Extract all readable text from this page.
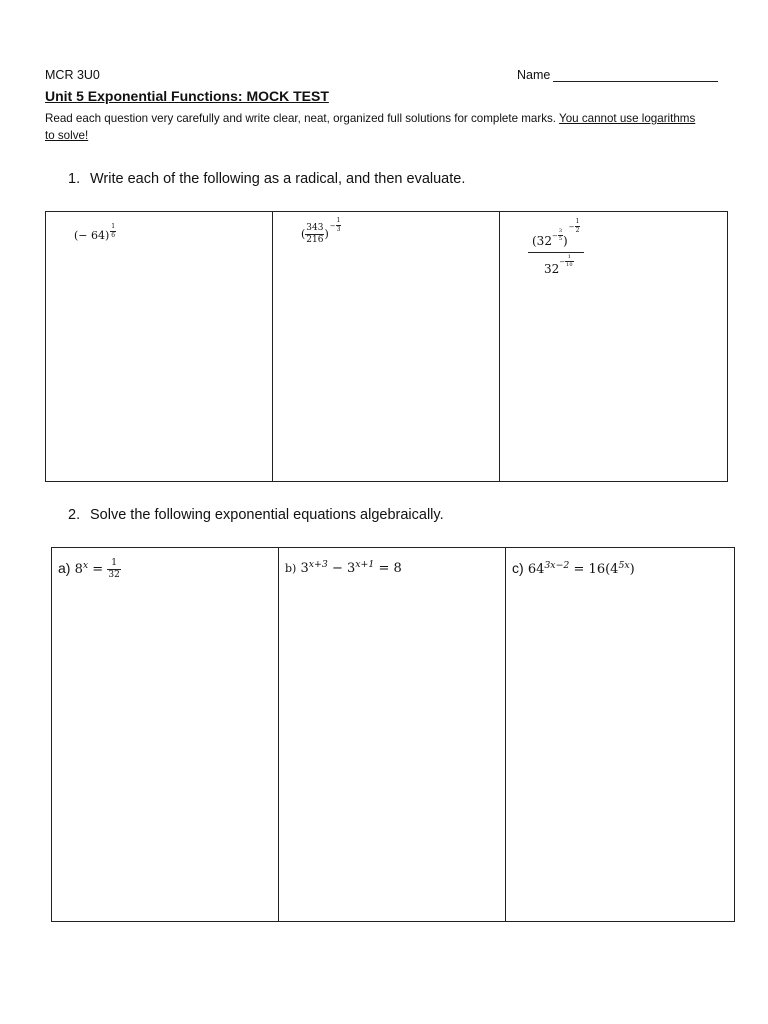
MCR 3U0	Name
Unit 5 Exponential Functions: MOCK TEST
Read each question very carefully and write clear, neat, organized full solutions for complete marks. You cannot use logarithms to solve!
1. Write each of the following as a radical, and then evaluate.
(− $64) \frac{1}{6}$	( $\frac{343}{216} )^{- \frac{1}{3}}$	($32^{- \frac{3}{5}}$ )$^{- \frac{1}{2}}$
$32^{- \frac{1}{10}}$
2. Solve the following exponential equations algebraically.
a) $8^x = \frac{1}{32}$	b) $3^{x+3} - 3^{x+1} = 8$	c) $64^{3x-2} = 16(4^{5x})$
